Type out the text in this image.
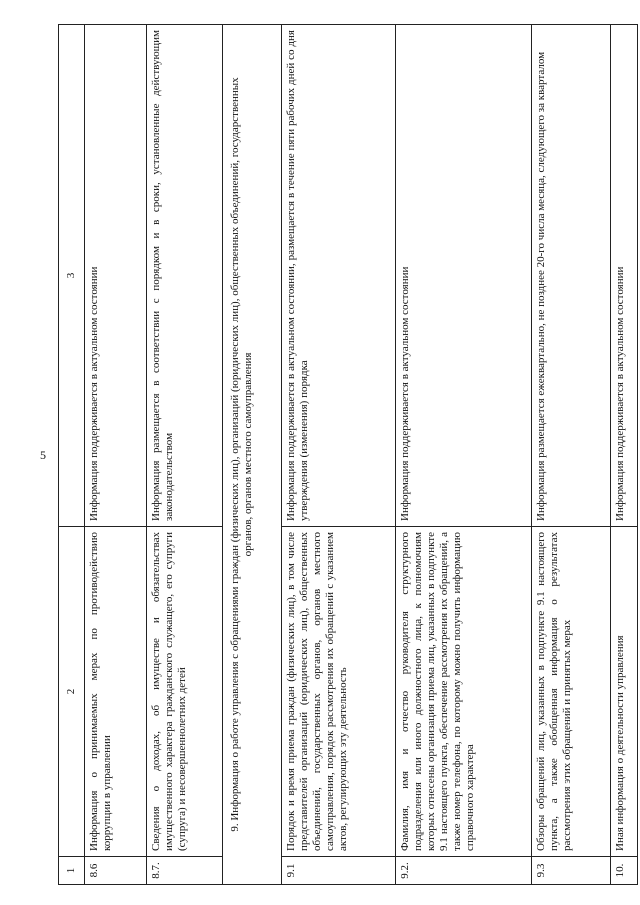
5
1	2	3
8.6	Информация о принимаемых мерах по противодействию коррупции в управлении	Информация поддерживается в актуальном состоянии
8.7.	Сведения о доходах, об имуществе и обязательствах имущественного характера гражданского служащего, его супруги (супруга) и несовершеннолетних детей	Информация размещается в соответствии с порядком и в сроки, установленные действующим законодательством
9. Информация о работе управления с обращениями граждан (физических лиц), организаций (юридических лиц), общественных объединений, государственных органов, органов местного самоуправления		
9.1	Порядок и время приема граждан (физических лиц), в том числе представителей организаций (юридических лиц), общественных объединений, государственных органов, органов местного самоуправления, порядок рассмотрения их обращений с указанием актов, регулирующих эту деятельность	Информация поддерживается в актуальном состоянии, размещается в течение пяти рабочих дней со дня утверждения (изменения) порядка
9.2.	Фамилия, имя и отчество руководителя структурного подразделения или иного должностного лица, к полномочиям которых отнесены организация приема лиц, указанных в подпункте 9.1 настоящего пункта, обеспечение рассмотрения их обращений, а также номер телефона, по которому можно получить информацию справочного характера	Информация поддерживается в актуальном состоянии
9.3	Обзоры обращений лиц, указанных в подпункте 9.1 настоящего пункта, а также обобщенная информация о результатах рассмотрения этих обращений и принятых мерах	Информация размещается ежеквартально, не позднее 20-го числа месяца, следующего за кварталом
10.	Иная информация о деятельности управления	Информация поддерживается в актуальном состоянии
